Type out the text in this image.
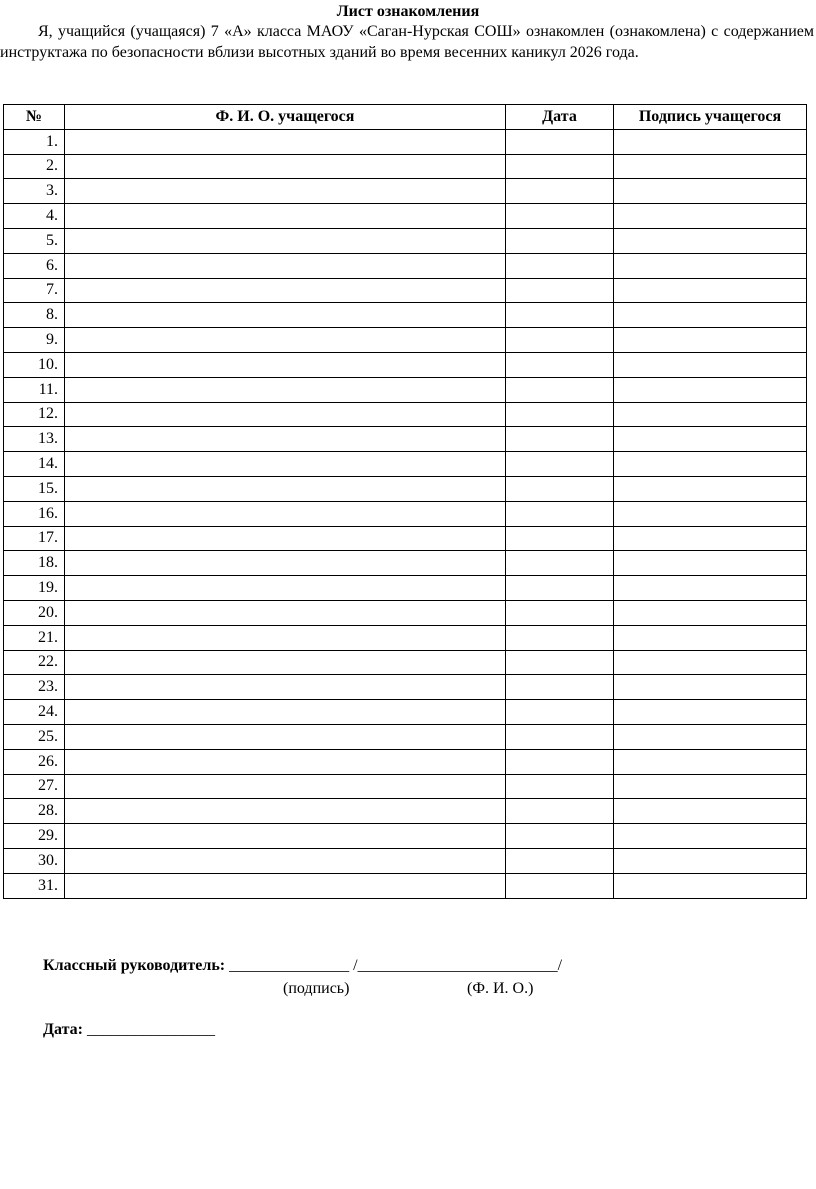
Лист ознакомления
Я, учащийся (учащаяся) 7 «А» класса МАОУ «Саган-Нурская СОШ» ознакомлен (ознакомлена) с содержанием инструктажа по безопасности вблизи высотных зданий во время весенних каникул 2026 года.
№	Ф. И. О. учащегося	Дата	Подпись учащегося
1.			
2.			
3.			
4.			
5.			
6.			
7.			
8.			
9.			
10.			
11.			
12.			
13.			
14.			
15.			
16.			
17.			
18.			
19.			
20.			
21.			
22.			
23.			
24.			
25.			
26.			
27.			
28.			
29.			
30.			
31.			
Классный руководитель: _______________ /_________________________/
(подпись)	(Ф. И. О.)
Дата: ________________
